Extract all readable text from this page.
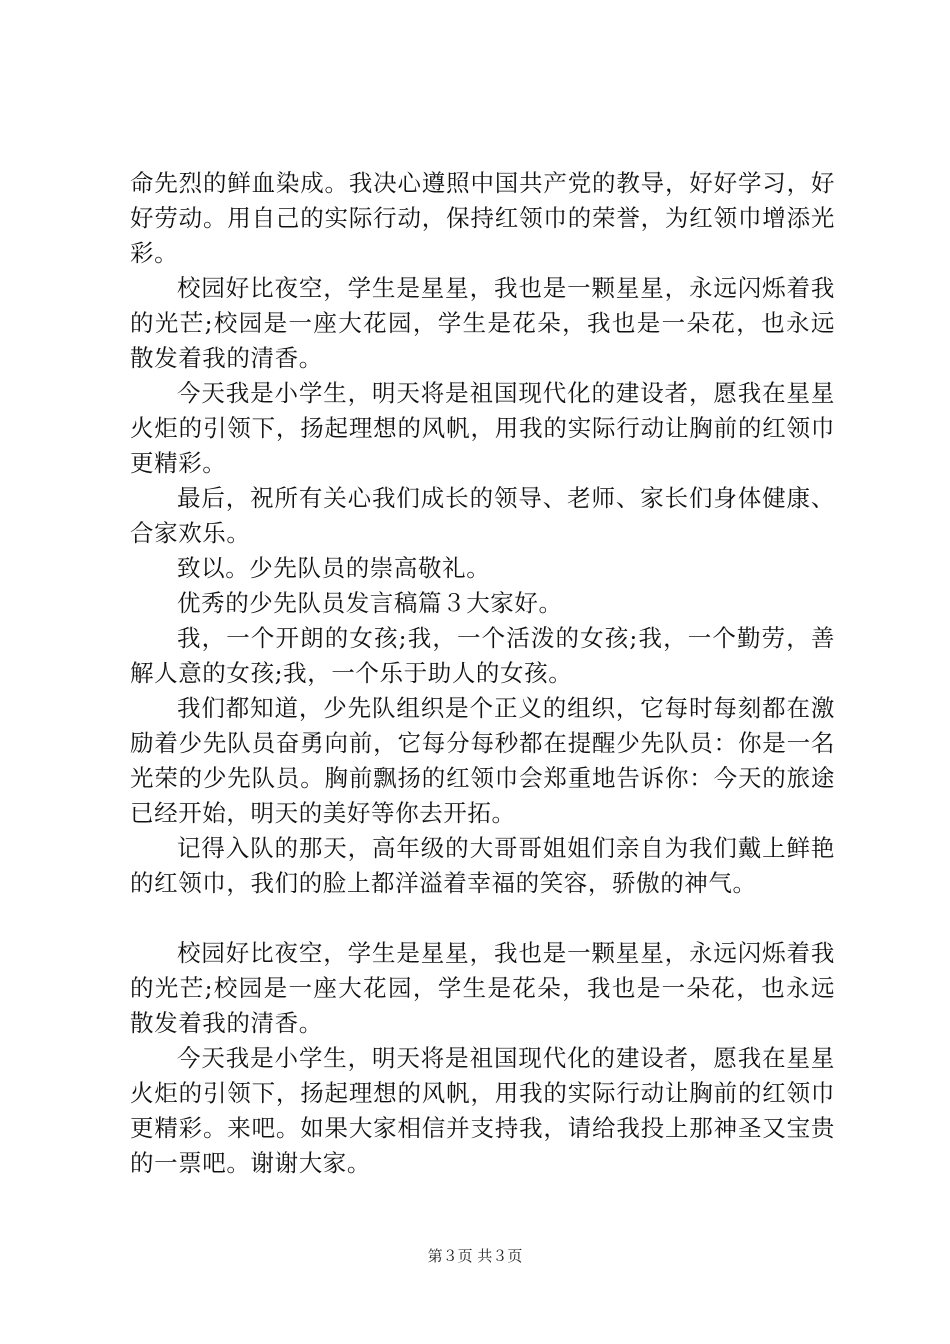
命先烈的鲜血染成。我决心遵照中国共产党的教导，好好学习，好好劳动。用自己的实际行动，保持红领巾的荣誉，为红领巾增添光彩。

校园好比夜空，学生是星星，我也是一颗星星，永远闪烁着我的光芒;校园是一座大花园，学生是花朵，我也是一朵花，也永远散发着我的清香。

今天我是小学生，明天将是祖国现代化的建设者，愿我在星星火炬的引领下，扬起理想的风帆，用我的实际行动让胸前的红领巾更精彩。

最后，祝所有关心我们成长的领导、老师、家长们身体健康、合家欢乐。

致以。少先队员的崇高敬礼。

优秀的少先队员发言稿篇３大家好。

我，一个开朗的女孩;我，一个活泼的女孩;我，一个勤劳，善解人意的女孩;我，一个乐于助人的女孩。

我们都知道，少先队组织是个正义的组织，它每时每刻都在激励着少先队员奋勇向前，它每分每秒都在提醒少先队员：你是一名光荣的少先队员。胸前飘扬的红领巾会郑重地告诉你：今天的旅途已经开始，明天的美好等你去开拓。

记得入队的那天，高年级的大哥哥姐姐们亲自为我们戴上鲜艳的红领巾，我们的脸上都洋溢着幸福的笑容，骄傲的神气。

校园好比夜空，学生是星星，我也是一颗星星，永远闪烁着我的光芒;校园是一座大花园，学生是花朵，我也是一朵花，也永远散发着我的清香。

今天我是小学生，明天将是祖国现代化的建设者，愿我在星星火炬的引领下，扬起理想的风帆，用我的实际行动让胸前的红领巾更精彩。来吧。如果大家相信并支持我，请给我投上那神圣又宝贵的一票吧。谢谢大家。

第３页 共３页
